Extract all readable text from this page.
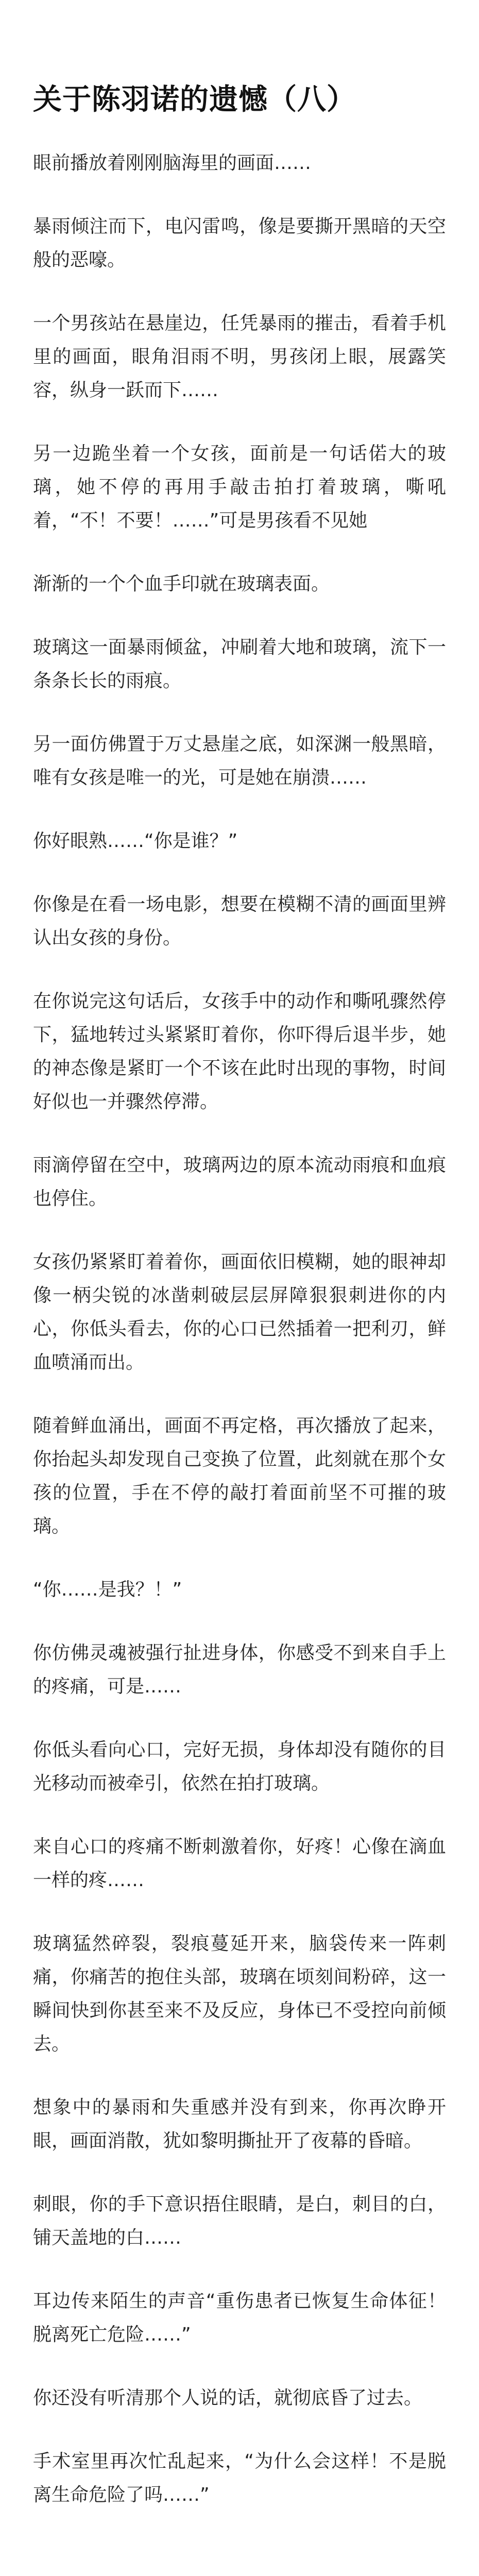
关于陈羽诺的遗憾（八）

眼前播放着刚刚脑海里的画面……

暴雨倾注而下，电闪雷鸣，像是要撕开黑暗的天空般的恶嚎。

一个男孩站在悬崖边，任凭暴雨的摧击，看着手机里的画面，眼角泪雨不明，男孩闭上眼，展露笑容，纵身一跃而下……

另一边跪坐着一个女孩，面前是一句话偌大的玻璃，她不停的再用手敲击拍打着玻璃，嘶吼着，“不！不要！……”可是男孩看不见她

渐渐的一个个血手印就在玻璃表面。

玻璃这一面暴雨倾盆，冲刷着大地和玻璃，流下一条条长长的雨痕。

另一面仿佛置于万丈悬崖之底，如深渊一般黑暗，唯有女孩是唯一的光，可是她在崩溃……

你好眼熟……“你是谁？”

你像是在看一场电影，想要在模糊不清的画面里辨认出女孩的身份。

在你说完这句话后，女孩手中的动作和嘶吼骤然停下，猛地转过头紧紧盯着你，你吓得后退半步，她的神态像是紧盯一个不该在此时出现的事物，时间好似也一并骤然停滞。

雨滴停留在空中，玻璃两边的原本流动雨痕和血痕也停住。

女孩仍紧紧盯着着你，画面依旧模糊，她的眼神却像一柄尖锐的冰凿刺破层层屏障狠狠刺进你的内心，你低头看去，你的心口已然插着一把利刃，鲜血喷涌而出。

随着鲜血涌出，画面不再定格，再次播放了起来，你抬起头却发现自己变换了位置，此刻就在那个女孩的位置，手在不停的敲打着面前坚不可摧的玻璃。

“你……是我？！”

你仿佛灵魂被强行扯进身体，你感受不到来自手上的疼痛，可是……

你低头看向心口，完好无损，身体却没有随你的目光移动而被牵引，依然在拍打玻璃。

来自心口的疼痛不断刺激着你，好疼！心像在滴血一样的疼……

玻璃猛然碎裂，裂痕蔓延开来，脑袋传来一阵刺痛，你痛苦的抱住头部，玻璃在顷刻间粉碎，这一瞬间快到你甚至来不及反应，身体已不受控向前倾去。

想象中的暴雨和失重感并没有到来，你再次睁开眼，画面消散，犹如黎明撕扯开了夜幕的昏暗。

刺眼，你的手下意识捂住眼睛，是白，刺目的白，铺天盖地的白……

耳边传来陌生的声音“重伤患者已恢复生命体征！脱离死亡危险……”

你还没有听清那个人说的话，就彻底昏了过去。

手术室里再次忙乱起来，“为什么会这样！不是脱离生命危险了吗……”
